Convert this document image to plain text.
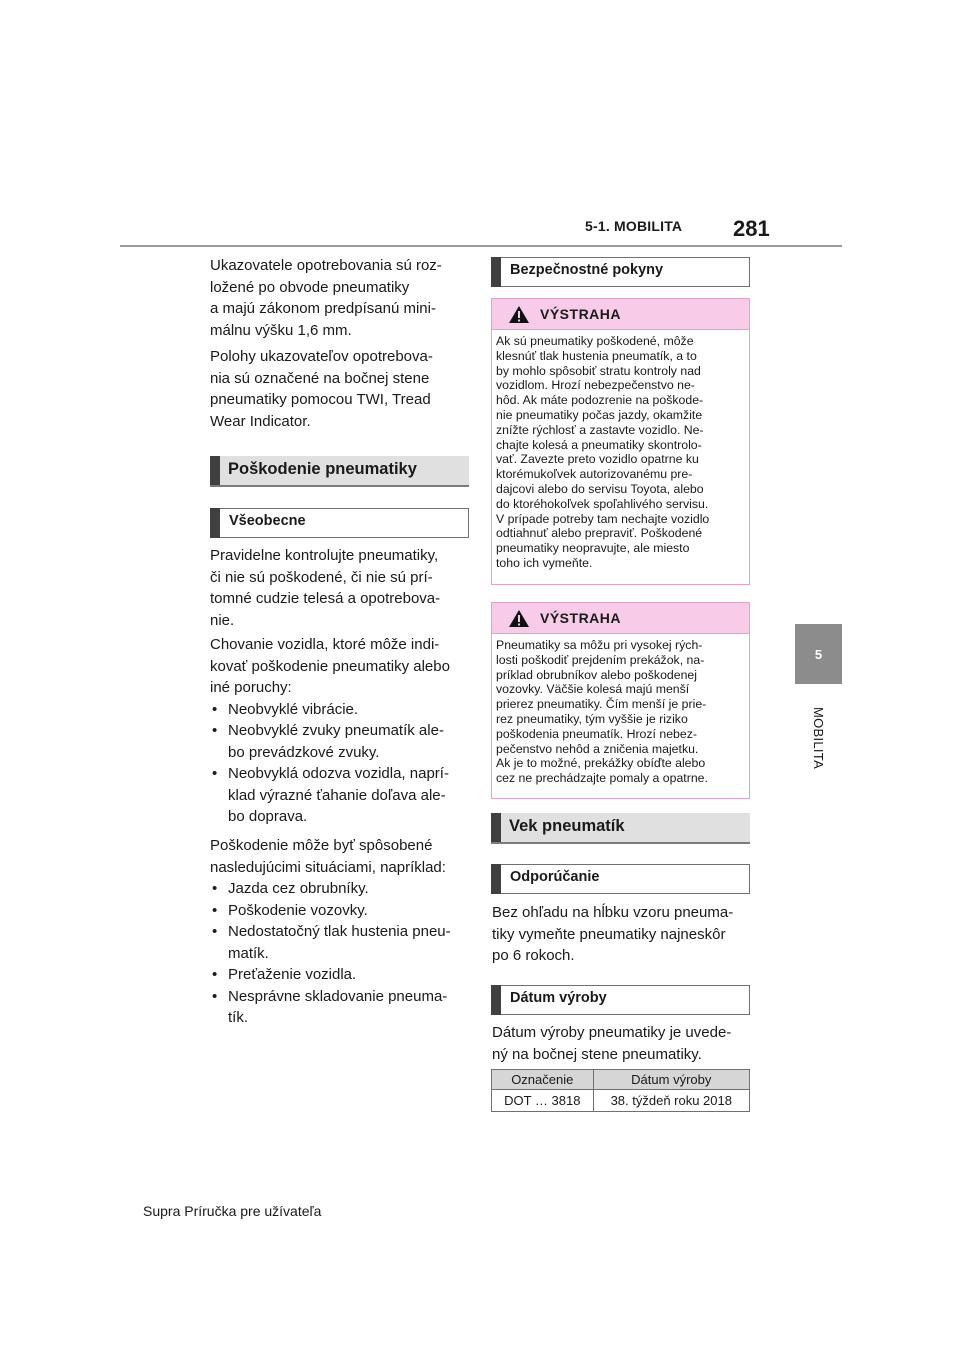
5-1. MOBILITA 281
5
MOBILITA

Ukazovatele opotrebovania sú roz-

ložené po obvode pneumatiky

a majú zákonom predpísanú mini-

málnu výšku 1,6 mm.

Polohy ukazovateľov opotrebova-

nia sú označené na bočnej stene

pneumatiky pomocou TWI, Tread

Wear Indicator.

Poškodenie pneumatiky
Všeobecne

Pravidelne kontrolujte pneumatiky,

či nie sú poškodené, či nie sú prí-

tomné cudzie telesá a opotrebova-

nie.

Chovanie vozidla, ktoré môže indi-

kovať poškodenie pneumatiky alebo

iné poruchy:

• Neobvyklé vibrácie.

• Neobvyklé zvuky pneumatík ale-

bo prevádzkové zvuky.

• Neobvyklá odozva vozidla, naprí-

klad výrazné ťahanie doľava ale-

bo doprava.

Poškodenie môže byť spôsobené

nasledujúcimi situáciami, napríklad:

• Jazda cez obrubníky.

• Poškodenie vozovky.

• Nedostatočný tlak hustenia pneu-

matík.

• Preťaženie vozidla.

• Nesprávne skladovanie pneuma-

tík.

Bezpečnostné pokyny
VÝSTRAHA
Ak sú pneumatiky poškodené, môže
klesnúť tlak hustenia pneumatík, a to
by mohlo spôsobiť stratu kontroly nad
vozidlom. Hrozí nebezpečenstvo ne-
hôd. Ak máte podozrenie na poškode-
nie pneumatiky počas jazdy, okamžite
znížte rýchlosť a zastavte vozidlo. Ne-
chajte kolesá a pneumatiky skontrolo-
vať. Zavezte preto vozidlo opatrne ku
ktorémukoľvek autorizovanému pre-
dajcovi alebo do servisu Toyota, alebo
do ktoréhokoľvek spoľahlivého servisu.
V prípade potreby tam nechajte vozidlo
odtiahnuť alebo prepraviť. Poškodené
pneumatiky neopravujte, ale miesto
toho ich vymeňte.
VÝSTRAHA
Pneumatiky sa môžu pri vysokej rých-
losti poškodiť prejdením prekážok, na-
príklad obrubníkov alebo poškodenej
vozovky. Väčšie kolesá majú menší
prierez pneumatiky. Čím menší je prie-
rez pneumatiky, tým vyššie je riziko
poškodenia pneumatík. Hrozí nebez-
pečenstvo nehôd a zničenia majetku.
Ak je to možné, prekážky obíďte alebo
cez ne prechádzajte pomaly a opatrne.
Vek pneumatík
Odporúčanie

Bez ohľadu na hĺbku vzoru pneuma-

tiky vymeňte pneumatiky najneskôr

po 6 rokoch.

Dátum výroby

Dátum výroby pneumatiky je uvede-

ný na bočnej stene pneumatiky.

Označenie	Dátum výroby
DOT … 3818	38. týždeň roku 2018
Supra Príručka pre užívateľa
